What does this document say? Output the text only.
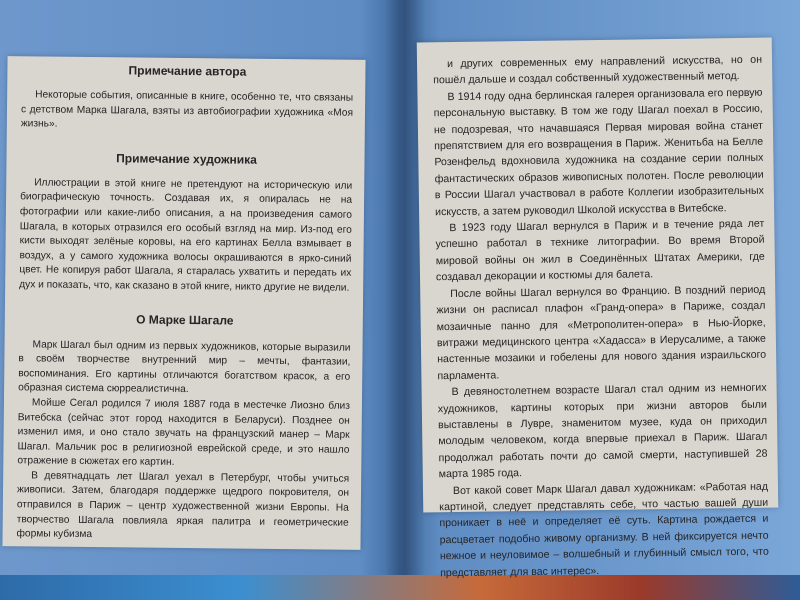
Примечание автора

Некоторые события, описанные в книге, особенно те, что связаны с детством Марка Шагала, взяты из автобиографии художника «Моя жизнь».

Примечание художника

Иллюстрации в этой книге не претендуют на историческую или биографическую точность. Создавая их, я опиралась не на фотографии или какие-либо описания, а на произведения самого Шагала, в которых отразился его особый взгляд на мир. Из-под его кисти выходят зелёные коровы, на его картинах Белла взмывает в воздух, а у самого художника волосы окрашиваются в ярко-синий цвет. Не копируя работ Шагала, я старалась ухватить и передать их дух и показать, что, как сказано в этой книге, никто другие не видели.

О Марке Шагале

Марк Шагал был одним из первых художников, которые выразили в своём творчестве внутренний мир – мечты, фантазии, воспоминания. Его картины отличаются богатством красок, а его образная система сюрреалистична.

Мойше Сегал родился 7 июля 1887 года в местечке Лиозно близ Витебска (сейчас этот город находится в Беларуси). Позднее он изменил имя, и оно стало звучать на французский манер – Марк Шагал. Мальчик рос в религиозной еврейской среде, и это нашло отражение в сюжетах его картин.

В девятнадцать лет Шагал уехал в Петербург, чтобы учиться живописи. Затем, благодаря поддержке щедрого покровителя, он отправился в Париж – центр художественной жизни Европы. На творчество Шагала повлияла яркая палитра и геометрические формы кубизма

и других современных ему направлений искусства, но он пошёл дальше и создал собственный художественный метод.

В 1914 году одна берлинская галерея организовала его первую персональную выставку. В том же году Шагал поехал в Россию, не подозревая, что начавшаяся Первая мировая война станет препятствием для его возвращения в Париж. Женитьба на Белле Розенфельд вдохновила художника на создание серии полных фантастических образов живописных полотен. После революции в России Шагал участвовал в работе Коллегии изобразительных искусств, а затем руководил Школой искусства в Витебске.

В 1923 году Шагал вернулся в Париж и в течение ряда лет успешно работал в технике литографии. Во время Второй мировой войны он жил в Соединённых Штатах Америки, где создавал декорации и костюмы для балета.

После войны Шагал вернулся во Францию. В поздний период жизни он расписал плафон «Гранд-опера» в Париже, создал мозаичные панно для «Метрополитен-опера» в Нью-Йорке, витражи медицинского центра «Хадасса» в Иерусалиме, а также настенные мозаики и гобелены для нового здания израильского парламента.

В девяностолетнем возрасте Шагал стал одним из немногих художников, картины которых при жизни авторов были выставлены в Лувре, знаменитом музее, куда он приходил молодым человеком, когда впервые приехал в Париж. Шагал продолжал работать почти до самой смерти, наступившей 28 марта 1985 года.

Вот какой совет Марк Шагал давал художникам: «Работая над картиной, следует представлять себе, что частью вашей души проникает в неё и определяет её суть. Картина рождается и расцветает подобно живому организму. В ней фиксируется нечто нежное и неуловимое – волшебный и глубинный смысл того, что представляет для вас интерес».
